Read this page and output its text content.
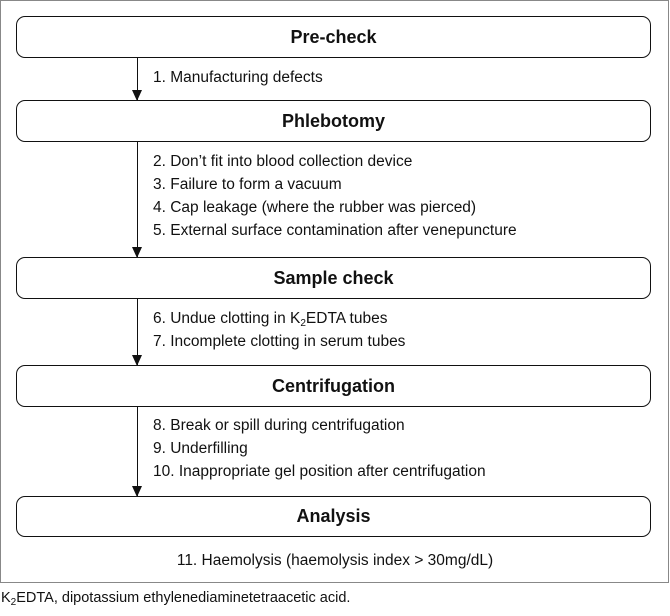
Pre-check
1. Manufacturing defects
Phlebotomy
2. Don’t fit into blood collection device
3. Failure to form a vacuum
4. Cap leakage (where the rubber was pierced)
5. External surface contamination after venepuncture
Sample check
6. Undue clotting in $K_2EDTA$ tubes
7. Incomplete clotting in serum tubes
Centrifugation
8. Break or spill during centrifugation
9. Underfilling
10. Inappropriate gel position after centrifugation
Analysis
11. Haemolysis (haemolysis index > 30mg/dL)
$K_2EDTA$, dipotassium ethylenediaminetetraacetic acid.
